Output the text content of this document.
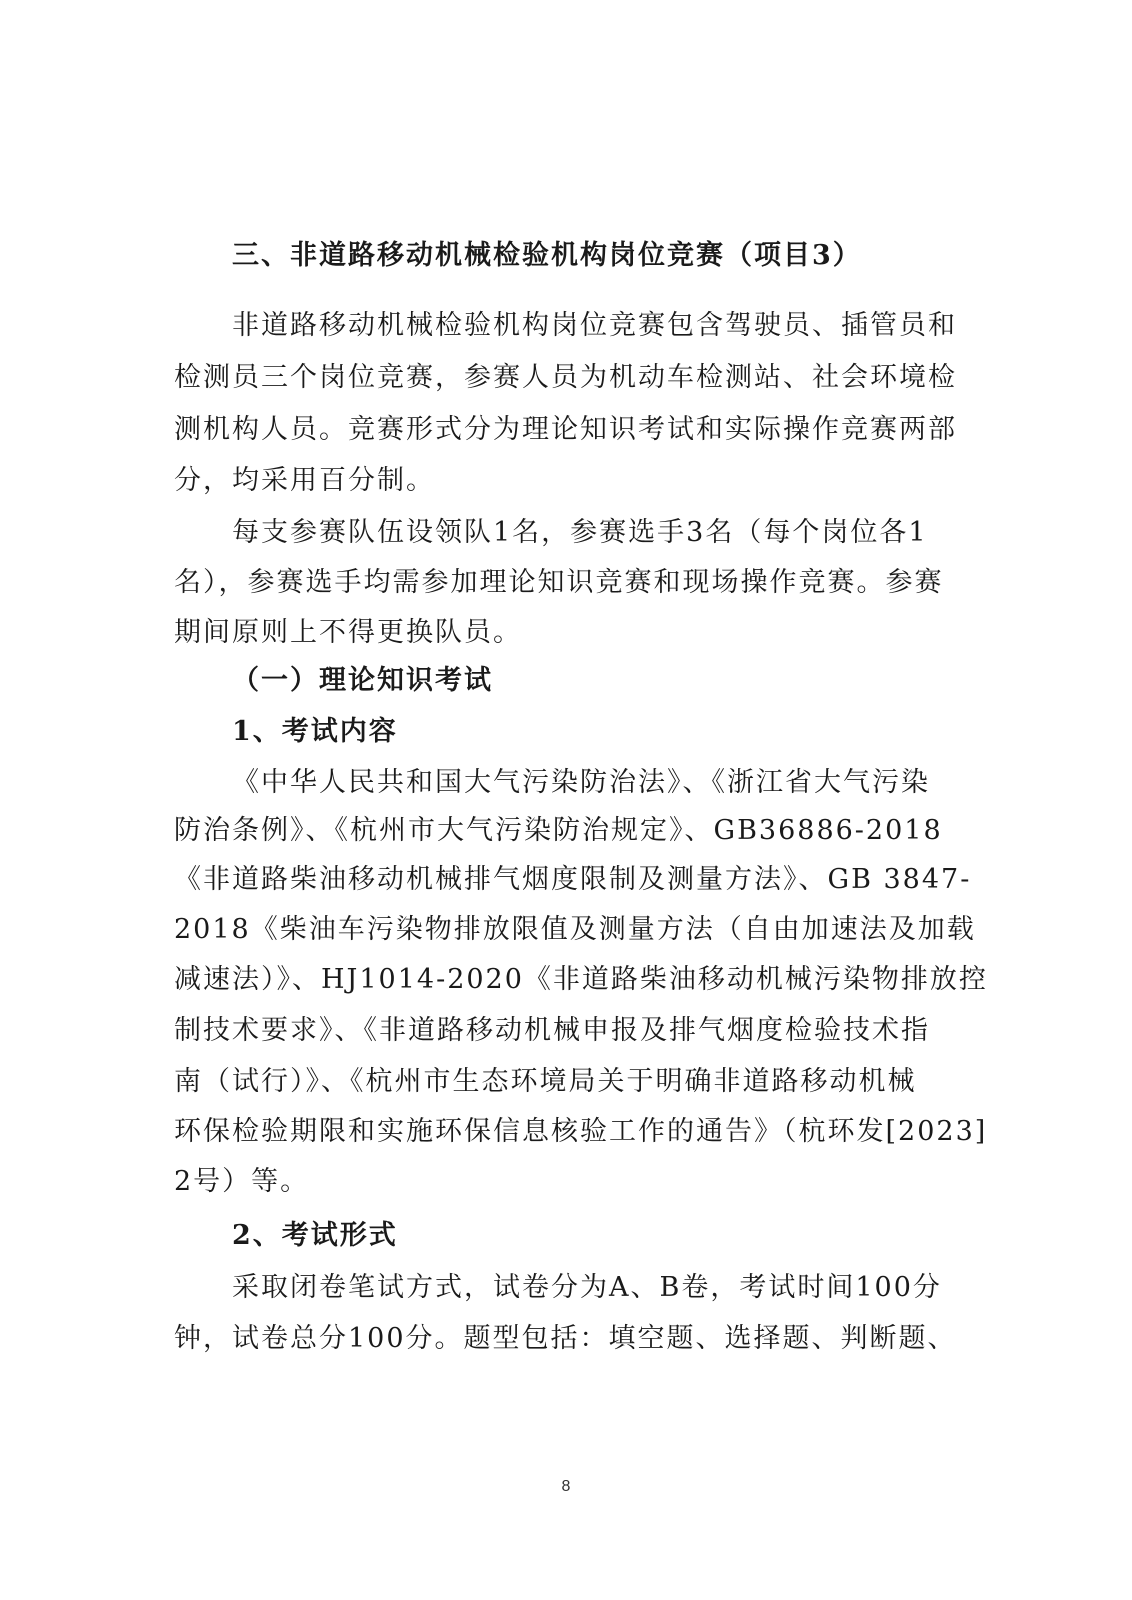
三、非道路移动机械检验机构岗位竞赛（项目3）
非道路移动机械检验机构岗位竞赛包含驾驶员、插管员和
检测员三个岗位竞赛，参赛人员为机动车检测站、社会环境检
测机构人员。竞赛形式分为理论知识考试和实际操作竞赛两部
分，均采用百分制。
每支参赛队伍设领队1名，参赛选手3名（每个岗位各1
名），参赛选手均需参加理论知识竞赛和现场操作竞赛。参赛
期间原则上不得更换队员。
（一）理论知识考试
1、考试内容
《中华人民共和国大气污染防治法》、《浙江省大气污染
防治条例》、《杭州市大气污染防治规定》、GB36886-2018
《非道路柴油移动机械排气烟度限制及测量方法》、GB 3847-
2018《柴油车污染物排放限值及测量方法（自由加速法及加载
减速法）》、HJ1014-2020《非道路柴油移动机械污染物排放控
制技术要求》、《非道路移动机械申报及排气烟度检验技术指
南（试行）》、《杭州市生态环境局关于明确非道路移动机械
环保检验期限和实施环保信息核验工作的通告》（杭环发[2023]
2号）等。
2、考试形式
采取闭卷笔试方式，试卷分为A、B卷，考试时间100分
钟，试卷总分100分。题型包括：填空题、选择题、判断题、
8
